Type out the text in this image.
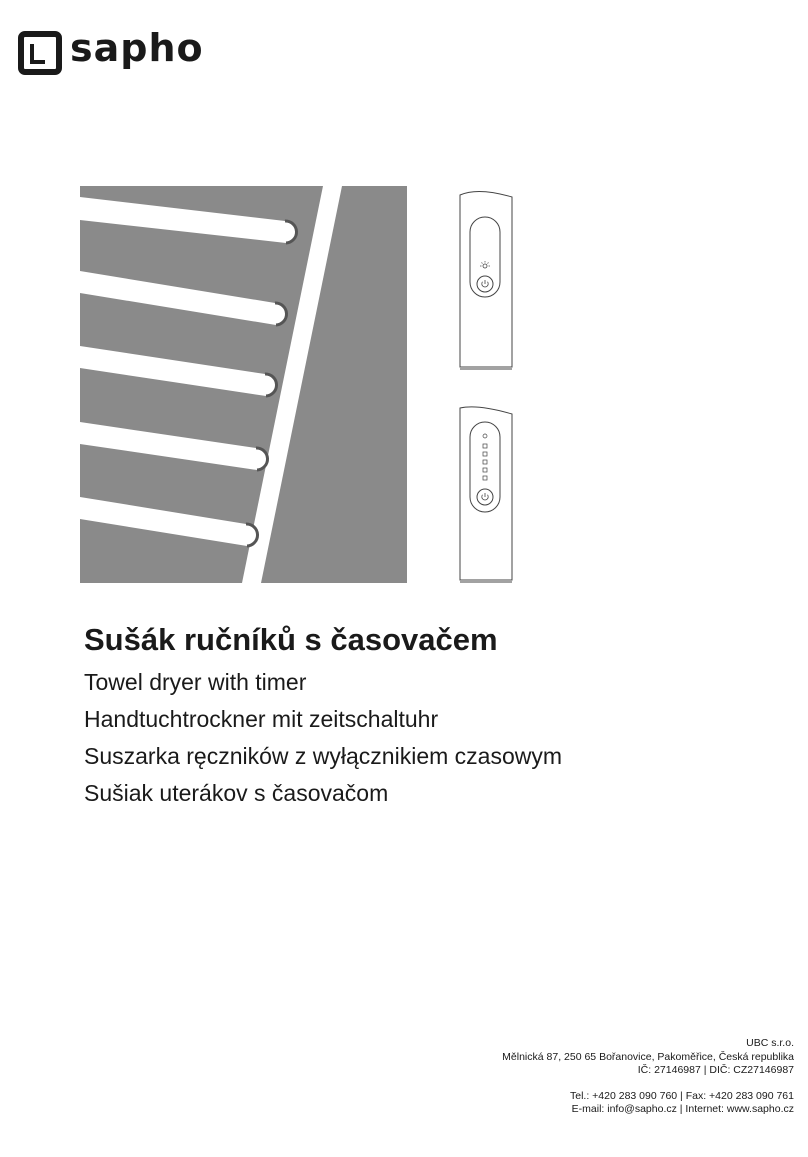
sapho
Sušák ručníků s časovačem

Towel dryer with timer

Handtuchtrockner mit zeitschaltuhr

Suszarka ręczników z wyłącznikiem czasowym

Sušiak uterákov s časovačom

UBC s.r.o.
Mělnická 87, 250 65 Bořanovice, Pakoměřice, Česká republika
IČ: 27146987 | DIČ: CZ27146987
Tel.: +420 283 090 760 | Fax: +420 283 090 761
E-mail: info@sapho.cz | Internet: www.sapho.cz
